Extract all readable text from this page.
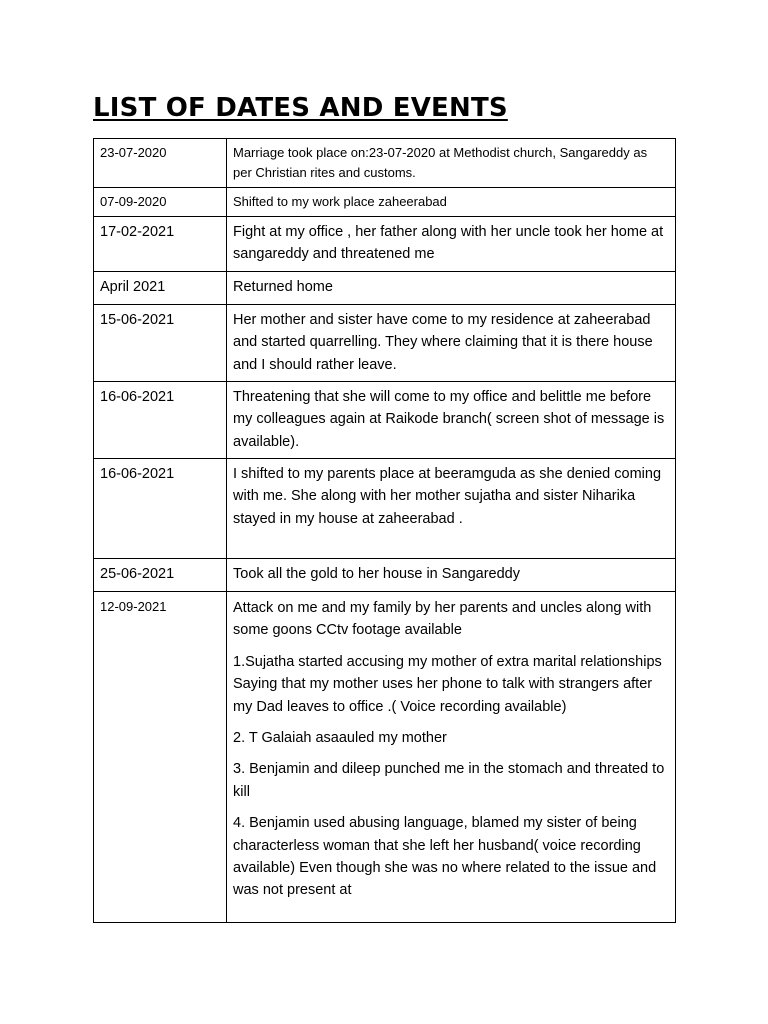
LIST OF DATES AND EVENTS
23-07-2020	Marriage took place on:23-07-2020 at Methodist church, Sangareddy as per Christian rites and customs.

07-09-2020	Shifted to my work place zaheerabad

17-02-2021	Fight at my office , her father along with her uncle took her home at sangareddy and threatened me

April 2021	Returned home

15-06-2021	Her mother and sister have come to my residence at zaheerabad and started quarrelling. They where claiming that it is there house and I should rather leave.

16-06-2021	Threatening that she will come to my office and belittle me before my colleagues again at Raikode branch( screen shot of message is available).

16-06-2021	I shifted to my parents place at beeramguda as she denied coming with me. She along with her mother sujatha and sister Niharika stayed in my house at zaheerabad .

25-06-2021	Took all the gold to her house in Sangareddy

12-09-2021	Attack on me and my family by her parents and uncles along with some goons CCtv footage available

1.Sujatha started accusing my mother of extra marital relationships Saying that my mother uses her phone to talk with strangers after my Dad leaves to office .( Voice recording available)

2. T Galaiah asaauled my mother

3. Benjamin and dileep punched me in the stomach and threated to kill

4. Benjamin used abusing language, blamed my sister of being characterless woman that she left her husband( voice recording available) Even though she was no where related to the issue and was not present at
